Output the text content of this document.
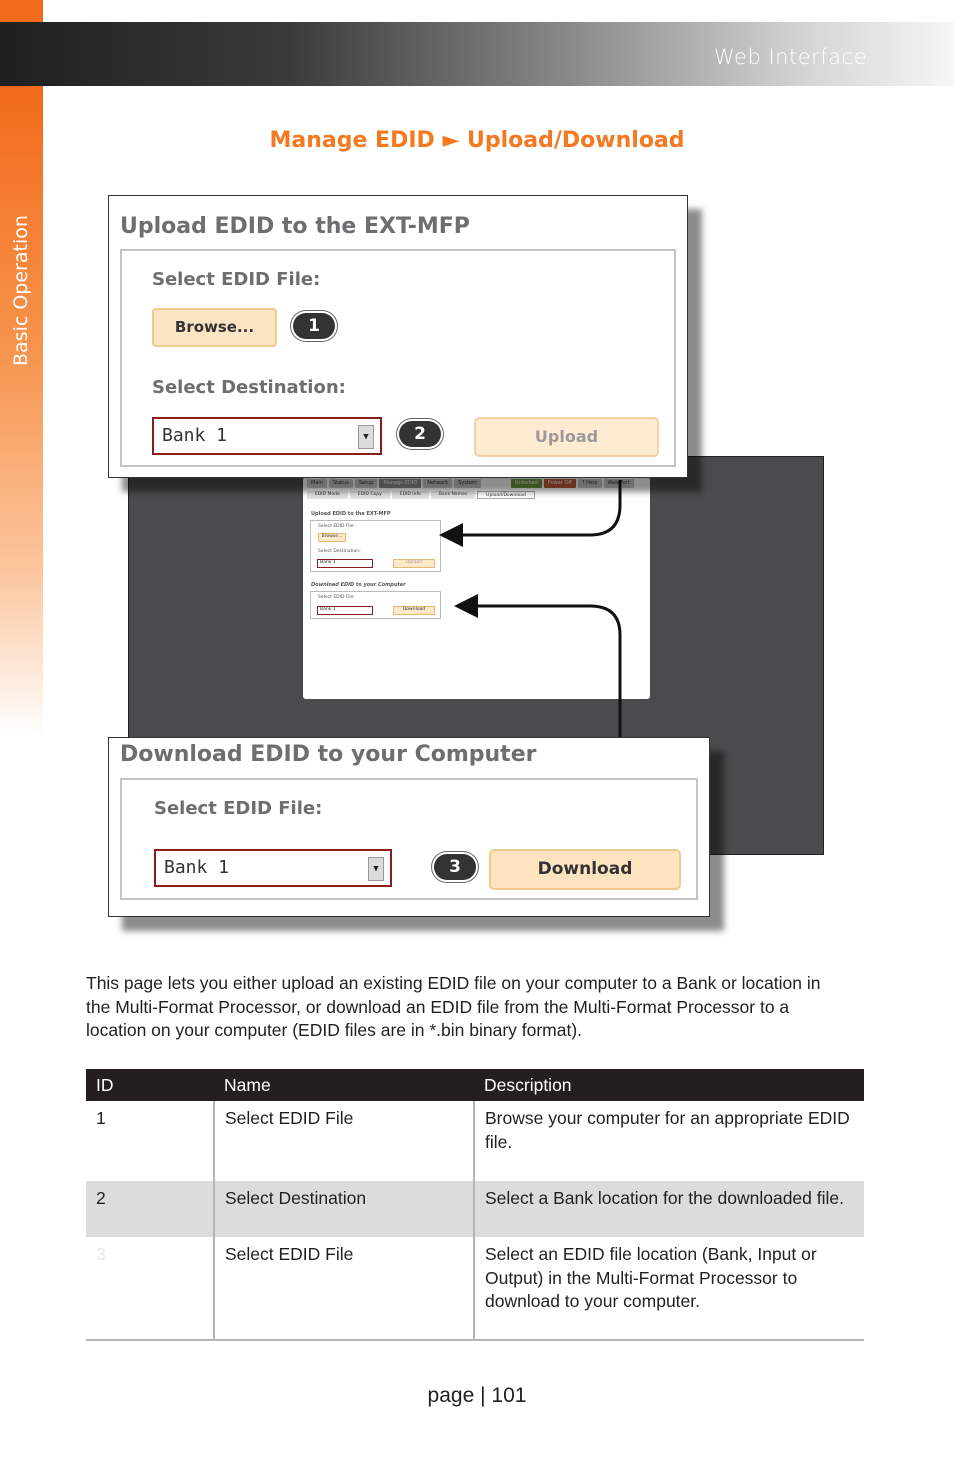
Web Interface
Basic Operation
Manage EDID ► Upload/Download
Main	Status	Setup	Manage EDID	Network	System	Unlocked	Power Off	? Help	Web Port
EDID Mode	EDID Copy	EDID Info	Bank Names	Upload/Download
Upload EDID to the EXT-MFP
Select EDID File:
Browse...
Select Destination:
Bank 1	Upload
Download EDID to your Computer
Select EDID File:
Bank 1	Download
Upload EDID to the EXT-MFP
Select EDID File:
Browse...	1
Select Destination:
Bank 1	▼	2	Upload
Download EDID to your Computer
Select EDID File:
Bank 1	▼	3	Download

This page lets you either upload an existing EDID file on your computer to a Bank or location in the Multi-Format Processor, or download an EDID file from the Multi-Format Processor to a location on your computer (EDID files are in *.bin binary format).

ID	Name	Description
1	Select EDID File	Browse your computer for an appropriate EDID file.
2	Select Destination	Select a Bank location for the downloaded file.
3	Select EDID File	Select an EDID file location (Bank, Input or Output) in the Multi-Format Processor to download to your computer.
page | 101
